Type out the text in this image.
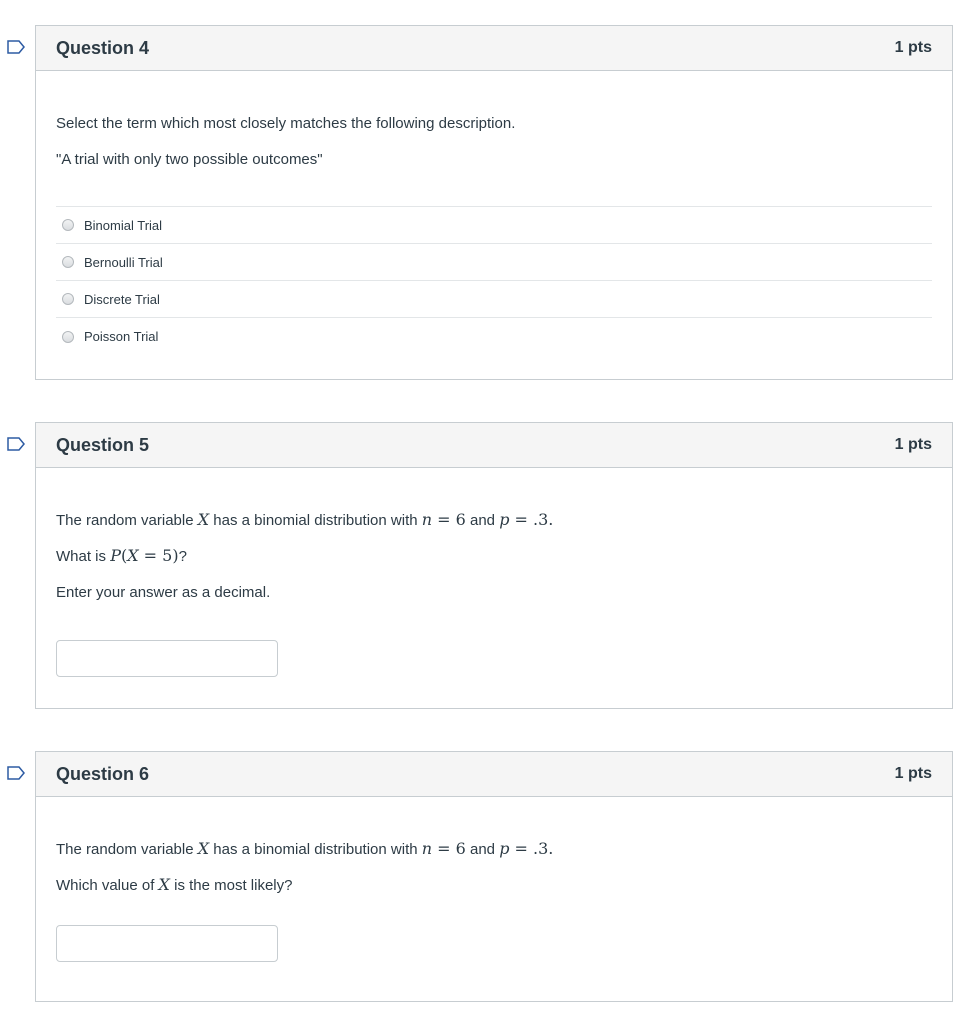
Question 4	1 pts

Select the term which most closely matches the following description.

"A trial with only two possible outcomes"

Binomial Trial
Bernoulli Trial
Discrete Trial
Poisson Trial
Question 5	1 pts

The random variable X has a binomial distribution with n = 6 and p = .3.

What is P(X = 5)?

Enter your answer as a decimal.

Question 6	1 pts

The random variable X has a binomial distribution with n = 6 and p = .3.

Which value of X is the most likely?
